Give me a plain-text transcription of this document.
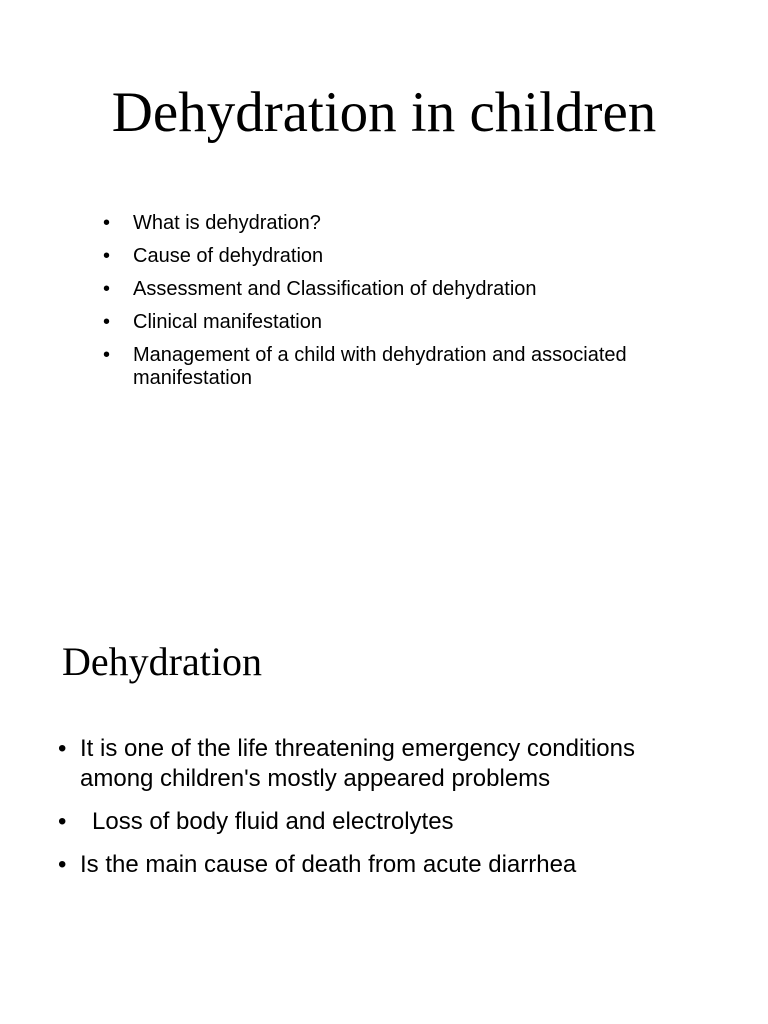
Dehydration in children
• What is dehydration?
• Cause of dehydration
• Assessment and Classification of dehydration
• Clinical manifestation
• Management of a child with dehydration and associated manifestation
Dehydration
• It is one of the life threatening emergency conditions among children's mostly appeared problems
• Loss of body fluid and electrolytes
• Is the main cause of death from acute diarrhea
